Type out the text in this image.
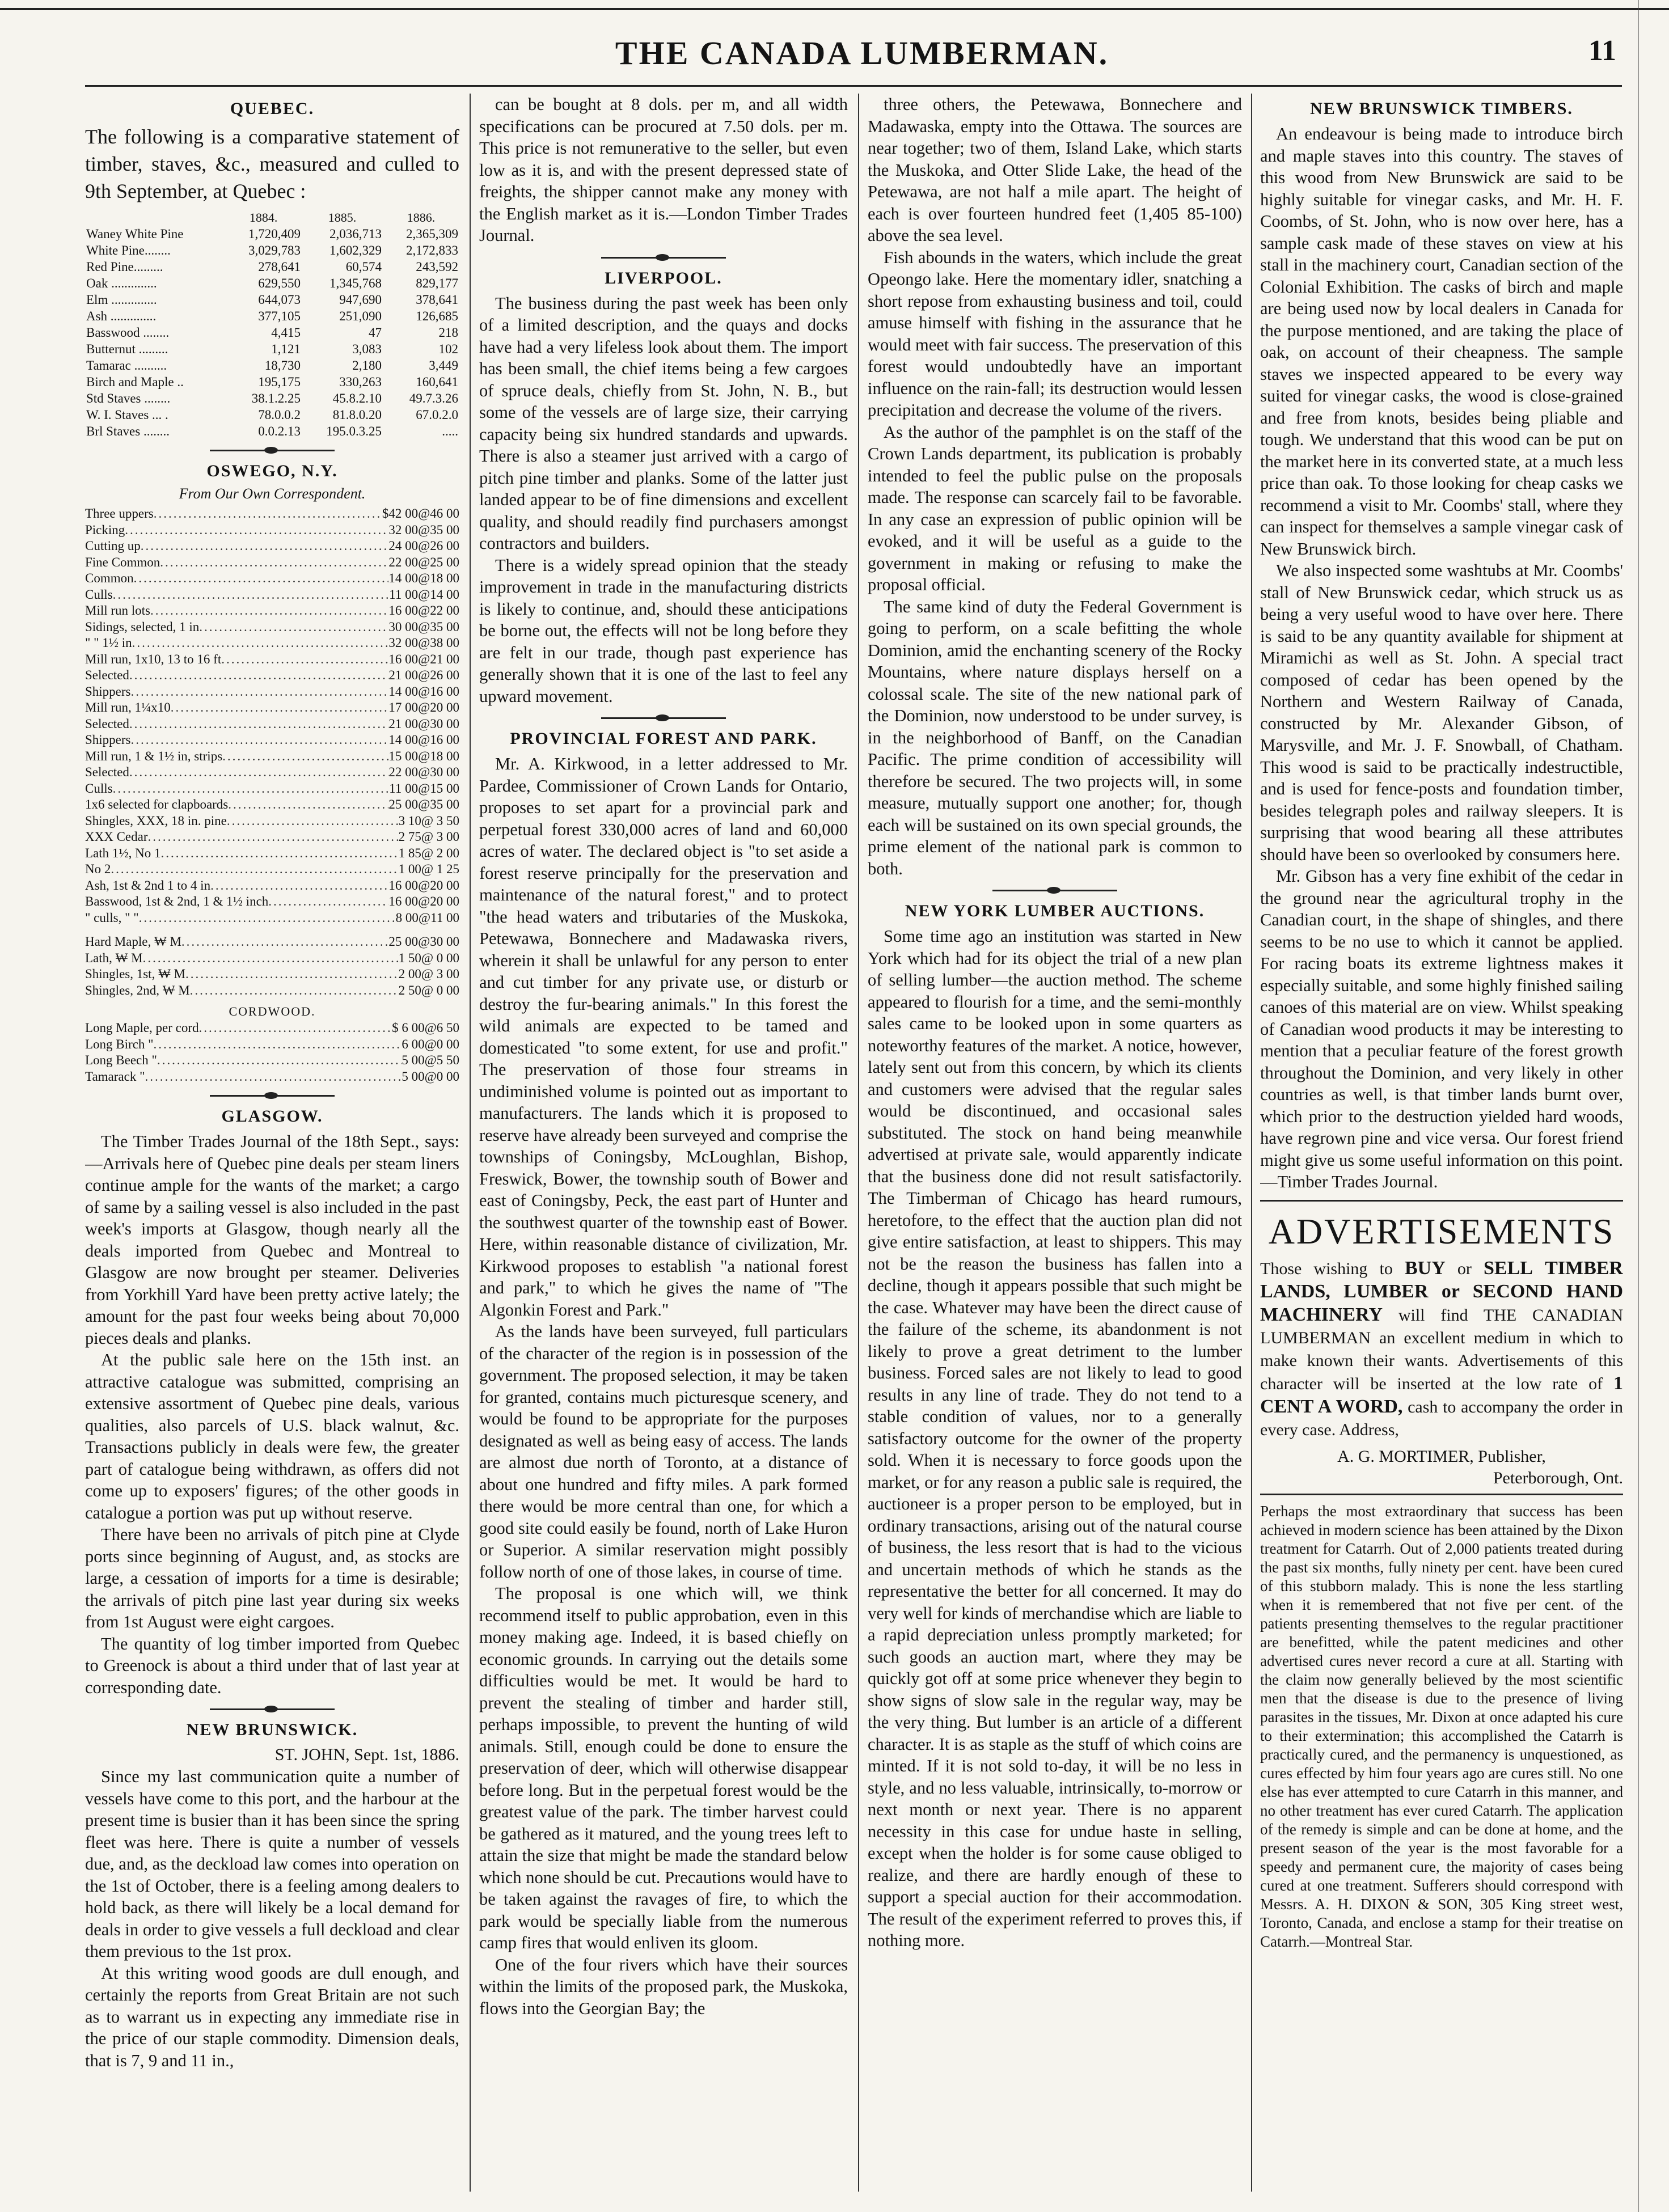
THE CANADA LUMBERMAN.	11
QUEBEC.
The following is a comparative statement of timber, staves, &c., measured and culled to 9th September, at Quebec :
	1884.	1885.	1886.
Waney White Pine	1,720,409	2,036,713	2,365,309
White Pine........	3,029,783	1,602,329	2,172,833
Red Pine.........	278,641	60,574	243,592
Oak ..............	629,550	1,345,768	829,177
Elm ..............	644,073	947,690	378,641
Ash ..............	377,105	251,090	126,685
Basswood ........	4,415	47	218
Butternut .........	1,121	3,083	102
Tamarac ..........	18,730	2,180	3,449
Birch and Maple ..	195,175	330,263	160,641
Std Staves ........	38.1.2.25	45.8.2.10	49.7.3.26
W. I. Staves ... .	78.0.0.2	81.8.0.20	67.0.2.0
Brl Staves ........	0.0.2.13	195.0.3.25	.....
OSWEGO, N.Y.
From Our Own Correspondent.
Three uppers .....	$42 00@46 00
Picking .....	32 00@35 00
Cutting up .....	24 00@26 00
Fine Common .....	22 00@25 00
Common .....	14 00@18 00
Culls .....	11 00@14 00
Mill run lots .....	16 00@22 00
Sidings, selected, 1 in .....	30 00@35 00
" " 1½ in .....	32 00@38 00
Mill run, 1x10, 13 to 16 ft .....	16 00@21 00
Selected .....	21 00@26 00
Shippers .....	14 00@16 00
Mill run, 1¼x10 .....	17 00@20 00
Selected .....	21 00@30 00
Shippers .....	14 00@16 00
Mill run, 1 & 1½ in, strips .....	15 00@18 00
Selected .....	22 00@30 00
Culls .....	11 00@15 00
1x6 selected for clapboards .....	25 00@35 00
Shingles, XXX, 18 in. pine .....	3 10@ 3 50
XXX Cedar .....	2 75@ 3 00
Lath 1½, No 1 .....	1 85@ 2 00
No 2 .....	1 00@ 1 25
Ash, 1st & 2nd 1 to 4 in .....	16 00@20 00
Basswood, 1st & 2nd, 1 & 1½ inch .....	16 00@20 00
" culls, " " .....	8 00@11 00
Hard Maple, ₩ M .....	25 00@30 00
Lath, ₩ M .....	1 50@ 0 00
Shingles, 1st, ₩ M .....	2 00@ 3 00
Shingles, 2nd, ₩ M .....	2 50@ 0 00
CORDWOOD.
Long Maple, per cord .....	$ 6 00@6 50
Long Birch " .....	6 00@0 00
Long Beech " .....	5 00@5 50
Tamarack " .....	5 00@0 00
GLASGOW.

The Timber Trades Journal of the 18th Sept., says:—Arrivals here of Quebec pine deals per steam liners continue ample for the wants of the market; a cargo of same by a sailing vessel is also included in the past week's imports at Glasgow, though nearly all the deals imported from Quebec and Montreal to Glasgow are now brought per steamer. Deliveries from Yorkhill Yard have been pretty active lately; the amount for the past four weeks being about 70,000 pieces deals and planks.

At the public sale here on the 15th inst. an attractive catalogue was submitted, comprising an extensive assortment of Quebec pine deals, various qualities, also parcels of U.S. black walnut, &c. Transactions publicly in deals were few, the greater part of catalogue being withdrawn, as offers did not come up to exposers' figures; of the other goods in catalogue a portion was put up without reserve.

There have been no arrivals of pitch pine at Clyde ports since beginning of August, and, as stocks are large, a cessation of imports for a time is desirable; the arrivals of pitch pine last year during six weeks from 1st August were eight cargoes.

The quantity of log timber imported from Quebec to Greenock is about a third under that of last year at corresponding date.

NEW BRUNSWICK.
ST. JOHN, Sept. 1st, 1886.

Since my last communication quite a number of vessels have come to this port, and the harbour at the present time is busier than it has been since the spring fleet was here. There is quite a number of vessels due, and, as the deckload law comes into operation on the 1st of October, there is a feeling among dealers to hold back, as there will likely be a local demand for deals in order to give vessels a full deckload and clear them previous to the 1st prox.

At this writing wood goods are dull enough, and certainly the reports from Great Britain are not such as to warrant us in expecting any immediate rise in the price of our staple commodity. Dimension deals, that is 7, 9 and 11 in.,

can be bought at 8 dols. per m, and all width specifications can be procured at 7.50 dols. per m. This price is not remunerative to the seller, but even low as it is, and with the present depressed state of freights, the shipper cannot make any money with the English market as it is.—London Timber Trades Journal.

LIVERPOOL.

The business during the past week has been only of a limited description, and the quays and docks have had a very lifeless look about them. The import has been small, the chief items being a few cargoes of spruce deals, chiefly from St. John, N. B., but some of the vessels are of large size, their carrying capacity being six hundred standards and upwards. There is also a steamer just arrived with a cargo of pitch pine timber and planks. Some of the latter just landed appear to be of fine dimensions and excellent quality, and should readily find purchasers amongst contractors and builders.

There is a widely spread opinion that the steady improvement in trade in the manufacturing districts is likely to continue, and, should these anticipations be borne out, the effects will not be long before they are felt in our trade, though past experience has generally shown that it is one of the last to feel any upward movement.

PROVINCIAL FOREST AND PARK.

Mr. A. Kirkwood, in a letter addressed to Mr. Pardee, Commissioner of Crown Lands for Ontario, proposes to set apart for a provincial park and perpetual forest 330,000 acres of land and 60,000 acres of water. The declared object is "to set aside a forest reserve principally for the preservation and maintenance of the natural forest," and to protect "the head waters and tributaries of the Muskoka, Petewawa, Bonnechere and Madawaska rivers, wherein it shall be unlawful for any person to enter and cut timber for any private use, or disturb or destroy the fur-bearing animals." In this forest the wild animals are expected to be tamed and domesticated "to some extent, for use and profit." The preservation of those four streams in undiminished volume is pointed out as important to manufacturers. The lands which it is proposed to reserve have already been surveyed and comprise the townships of Coningsby, McLoughlan, Bishop, Freswick, Bower, the township south of Bower and east of Coningsby, Peck, the east part of Hunter and the southwest quarter of the township east of Bower. Here, within reasonable distance of civilization, Mr. Kirkwood proposes to establish "a national forest and park," to which he gives the name of "The Algonkin Forest and Park."

As the lands have been surveyed, full particulars of the character of the region is in possession of the government. The proposed selection, it may be taken for granted, contains much picturesque scenery, and would be found to be appropriate for the purposes designated as well as being easy of access. The lands are almost due north of Toronto, at a distance of about one hundred and fifty miles. A park formed there would be more central than one, for which a good site could easily be found, north of Lake Huron or Superior. A similar reservation might possibly follow north of one of those lakes, in course of time.

The proposal is one which will, we think recommend itself to public approbation, even in this money making age. Indeed, it is based chiefly on economic grounds. In carrying out the details some difficulties would be met. It would be hard to prevent the stealing of timber and harder still, perhaps impossible, to prevent the hunting of wild animals. Still, enough could be done to ensure the preservation of deer, which will otherwise disappear before long. But in the perpetual forest would be the greatest value of the park. The timber harvest could be gathered as it matured, and the young trees left to attain the size that might be made the standard below which none should be cut. Precautions would have to be taken against the ravages of fire, to which the park would be specially liable from the numerous camp fires that would enliven its gloom.

One of the four rivers which have their sources within the limits of the proposed park, the Muskoka, flows into the Georgian Bay; the

three others, the Petewawa, Bonnechere and Madawaska, empty into the Ottawa. The sources are near together; two of them, Island Lake, which starts the Muskoka, and Otter Slide Lake, the head of the Petewawa, are not half a mile apart. The height of each is over fourteen hundred feet (1,405 85-100) above the sea level.

Fish abounds in the waters, which include the great Opeongo lake. Here the momentary idler, snatching a short repose from exhausting business and toil, could amuse himself with fishing in the assurance that he would meet with fair success. The preservation of this forest would undoubtedly have an important influence on the rain-fall; its destruction would lessen precipitation and decrease the volume of the rivers.

As the author of the pamphlet is on the staff of the Crown Lands department, its publication is probably intended to feel the public pulse on the proposals made. The response can scarcely fail to be favorable. In any case an expression of public opinion will be evoked, and it will be useful as a guide to the government in making or refusing to make the proposal official.

The same kind of duty the Federal Government is going to perform, on a scale befitting the whole Dominion, amid the enchanting scenery of the Rocky Mountains, where nature displays herself on a colossal scale. The site of the new national park of the Dominion, now understood to be under survey, is in the neighborhood of Banff, on the Canadian Pacific. The prime condition of accessibility will therefore be secured. The two projects will, in some measure, mutually support one another; for, though each will be sustained on its own special grounds, the prime element of the national park is common to both.

NEW YORK LUMBER AUCTIONS.

Some time ago an institution was started in New York which had for its object the trial of a new plan of selling lumber—the auction method. The scheme appeared to flourish for a time, and the semi-monthly sales came to be looked upon in some quarters as noteworthy features of the market. A notice, however, lately sent out from this concern, by which its clients and customers were advised that the regular sales would be discontinued, and occasional sales substituted. The stock on hand being meanwhile advertised at private sale, would apparently indicate that the business done did not result satisfactorily. The Timberman of Chicago has heard rumours, heretofore, to the effect that the auction plan did not give entire satisfaction, at least to shippers. This may not be the reason the business has fallen into a decline, though it appears possible that such might be the case. Whatever may have been the direct cause of the failure of the scheme, its abandonment is not likely to prove a great detriment to the lumber business. Forced sales are not likely to lead to good results in any line of trade. They do not tend to a stable condition of values, nor to a generally satisfactory outcome for the owner of the property sold. When it is necessary to force goods upon the market, or for any reason a public sale is required, the auctioneer is a proper person to be employed, but in ordinary transactions, arising out of the natural course of business, the less resort that is had to the vicious and uncertain methods of which he stands as the representative the better for all concerned. It may do very well for kinds of merchandise which are liable to a rapid depreciation unless promptly marketed; for such goods an auction mart, where they may be quickly got off at some price whenever they begin to show signs of slow sale in the regular way, may be the very thing. But lumber is an article of a different character. It is as staple as the stuff of which coins are minted. If it is not sold to-day, it will be no less in style, and no less valuable, intrinsically, to-morrow or next month or next year. There is no apparent necessity in this case for undue haste in selling, except when the holder is for some cause obliged to realize, and there are hardly enough of these to support a special auction for their accommodation. The result of the experiment referred to proves this, if nothing more.

NEW BRUNSWICK TIMBERS.

An endeavour is being made to introduce birch and maple staves into this country. The staves of this wood from New Brunswick are said to be highly suitable for vinegar casks, and Mr. H. F. Coombs, of St. John, who is now over here, has a sample cask made of these staves on view at his stall in the machinery court, Canadian section of the Colonial Exhibition. The casks of birch and maple are being used now by local dealers in Canada for the purpose mentioned, and are taking the place of oak, on account of their cheapness. The sample staves we inspected appeared to be every way suited for vinegar casks, the wood is close-grained and free from knots, besides being pliable and tough. We understand that this wood can be put on the market here in its converted state, at a much less price than oak. To those looking for cheap casks we recommend a visit to Mr. Coombs' stall, where they can inspect for themselves a sample vinegar cask of New Brunswick birch.

We also inspected some washtubs at Mr. Coombs' stall of New Brunswick cedar, which struck us as being a very useful wood to have over here. There is said to be any quantity available for shipment at Miramichi as well as St. John. A special tract composed of cedar has been opened by the Northern and Western Railway of Canada, constructed by Mr. Alexander Gibson, of Marysville, and Mr. J. F. Snowball, of Chatham. This wood is said to be practically indestructible, and is used for fence-posts and foundation timber, besides telegraph poles and railway sleepers. It is surprising that wood bearing all these attributes should have been so overlooked by consumers here.

Mr. Gibson has a very fine exhibit of the cedar in the ground near the agricultural trophy in the Canadian court, in the shape of shingles, and there seems to be no use to which it cannot be applied. For racing boats its extreme lightness makes it especially suitable, and some highly finished sailing canoes of this material are on view. Whilst speaking of Canadian wood products it may be interesting to mention that a peculiar feature of the forest growth throughout the Dominion, and very likely in other countries as well, is that timber lands burnt over, which prior to the destruction yielded hard woods, have regrown pine and vice versa. Our forest friend might give us some useful information on this point.—Timber Trades Journal.

ADVERTISEMENTS
Those wishing to BUY or SELL TIMBER LANDS, LUMBER or SECOND HAND MACHINERY will find THE CANADIAN LUMBERMAN an excellent medium in which to make known their wants. Advertisements of this character will be inserted at the low rate of 1 CENT A WORD, cash to accompany the order in every case. Address,
A. G. MORTIMER, Publisher,
Peterborough, Ont.

Perhaps the most extraordinary that success has been achieved in modern science has been attained by the Dixon treatment for Catarrh. Out of 2,000 patients treated during the past six months, fully ninety per cent. have been cured of this stubborn malady. This is none the less startling when it is remembered that not five per cent. of the patients presenting themselves to the regular practitioner are benefitted, while the patent medicines and other advertised cures never record a cure at all. Starting with the claim now generally believed by the most scientific men that the disease is due to the presence of living parasites in the tissues, Mr. Dixon at once adapted his cure to their extermination; this accomplished the Catarrh is practically cured, and the permanency is unquestioned, as cures effected by him four years ago are cures still. No one else has ever attempted to cure Catarrh in this manner, and no other treatment has ever cured Catarrh. The application of the remedy is simple and can be done at home, and the present season of the year is the most favorable for a speedy and permanent cure, the majority of cases being cured at one treatment. Sufferers should correspond with Messrs. A. H. DIXON & SON, 305 King street west, Toronto, Canada, and enclose a stamp for their treatise on Catarrh.—Montreal Star.
